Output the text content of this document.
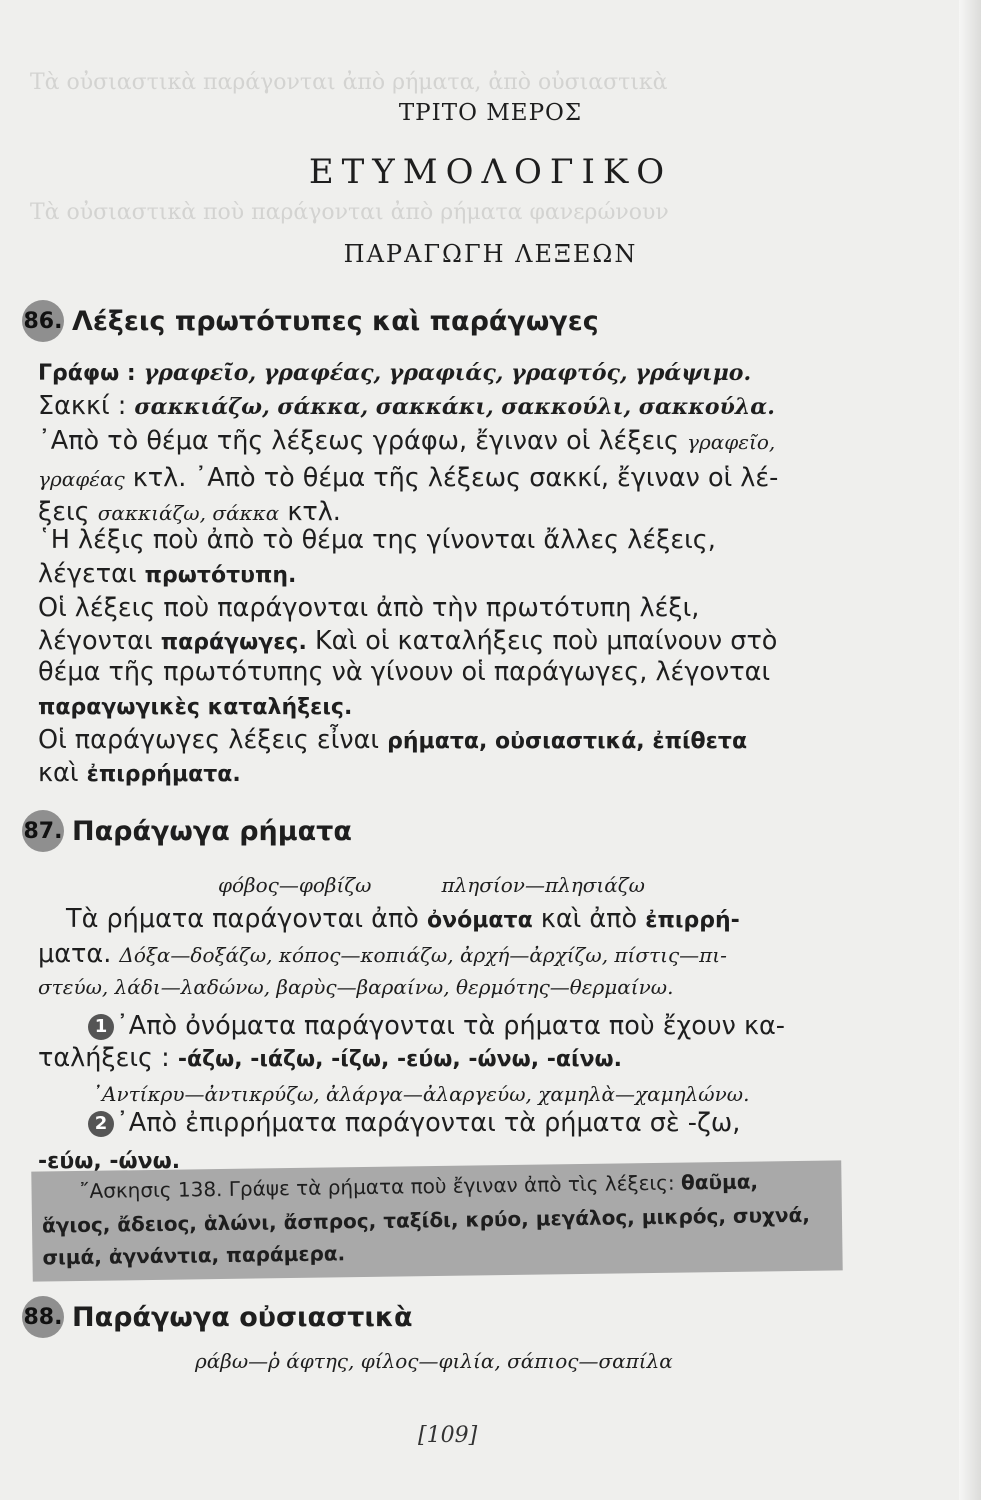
Τὰ οὐσιαστικὰ παράγονται ἀπὸ ρήματα, ἀπὸ οὐσιαστικὰ
Τὰ οὐσιαστικὰ ποὺ παράγονται ἀπὸ ρήματα φανερώνουν
ΤΡΙΤΟ ΜΕΡΟΣ
ΕΤΥΜΟΛΟΓΙΚΟ
ΠΑΡΑΓΩΓΗ ΛΕΞΕΩΝ
86. Λέξεις πρωτότυπες καὶ παράγωγες
Γράφω : γραφεῖο, γραφέας, γραφιάς, γραφτός, γράψιμο.
Σακκί : σακκιάζω, σάκκα, σακκάκι, σακκούλι, σακκούλα.
᾿Απὸ τὸ θέμα τῆς λέξεως γράφω, ἔγιναν οἱ λέξεις γραφεῖο,
γραφέας κτλ. ᾿Απὸ τὸ θέμα τῆς λέξεως σακκί, ἔγιναν οἱ λέ-
ξεις σακκιάζω, σάκκα κτλ.
῾Η λέξις ποὺ ἀπὸ τὸ θέμα της γίνονται ἄλλες λέξεις,
λέγεται πρωτότυπη.
Οἱ λέξεις ποὺ παράγονται ἀπὸ τὴν πρωτότυπη λέξι,
λέγονται παράγωγες. Καὶ οἱ καταλήξεις ποὺ μπαίνουν στὸ
θέμα τῆς πρωτότυπης νὰ γίνουν οἱ παράγωγες, λέγονται
παραγωγικὲς καταλήξεις.
Οἱ παράγωγες λέξεις εἶναι ρήματα, οὐσιαστικά, ἐπίθετα
καὶ ἐπιρρήματα.
87. Παράγωγα ρήματα
φόβος—φοβίζω	πλησίον—πλησιάζω
Τὰ ρήματα παράγονται ἀπὸ ὀνόματα καὶ ἀπὸ ἐπιρρή-
ματα. Δόξα—δοξάζω, κόπος—κοπιάζω, ἀρχή—ἀρχίζω, πίστις—πι-
στεύω, λάδι—λαδώνω, βαρὺς—βαραίνω, θερμότης—θερμαίνω.
1 ᾿Απὸ ὀνόματα παράγονται τὰ ρήματα ποὺ ἔχουν κα-
ταλήξεις : -άζω, -ιάζω, -ίζω, -εύω, -ώνω, -αίνω.
᾿Αντίκρυ—ἀντικρύζω, ἀλάργα—ἀλαργεύω, χαμηλὰ—χαμηλώνω.
2 ᾿Απὸ ἐπιρρήματα παράγονται τὰ ρήματα σὲ -ζω,
-εύω, -ώνω.
῎Ασκησις 138. Γράψε τὰ ρήματα ποὺ ἔγιναν ἀπὸ τὶς λέξεις: θαῦμα,
ἅγιος, ἄδειος, ἁλώνι, ἄσπρος, ταξίδι, κρύο, μεγάλος, μικρός, συχνά,
σιμά, ἀγνάντια, παράμερα.
88. Παράγωγα οὐσιαστικὰ
ράβω—ῥ άφτης, φίλος—φιλία, σάπιος—σαπίλα
[109]
